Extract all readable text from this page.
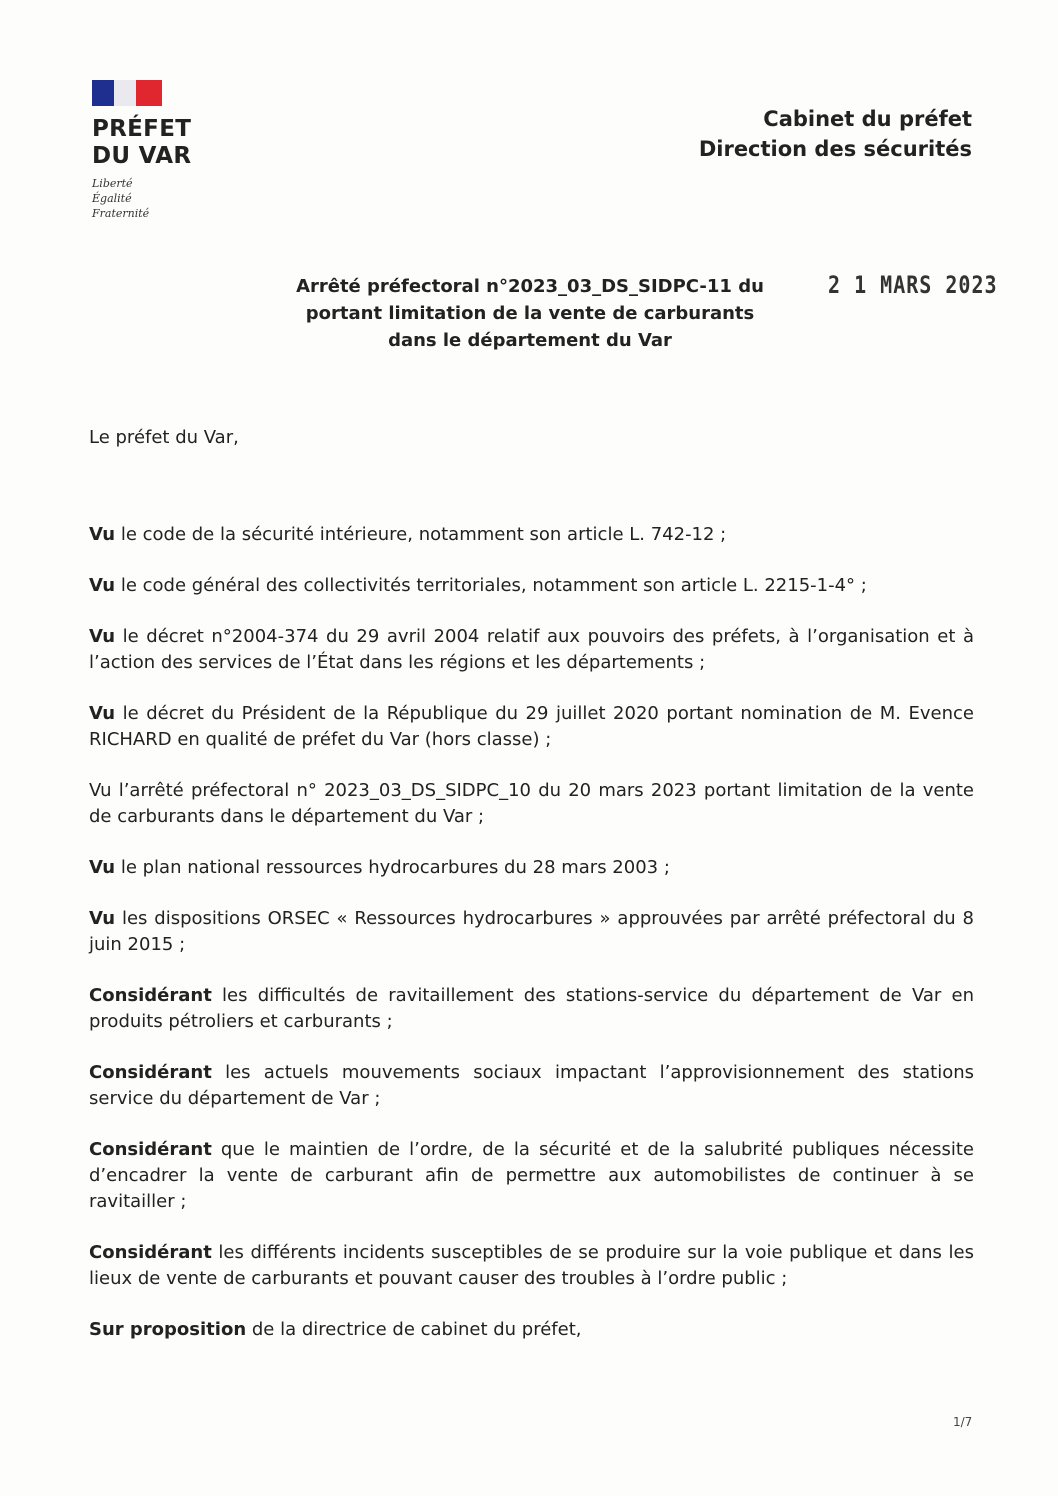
PRÉFET
DU VAR
Liberté
Égalité
Fraternité
Cabinet du préfet
Direction des sécurités
Arrêté préfectoral n°2023_03_DS_SIDPC-11 du
portant limitation de la vente de carburants
dans le département du Var
2 1 MARS 2023
Le préfet du Var,

Vu le code de la sécurité intérieure, notamment son article L. 742-12 ;

Vu le code général des collectivités territoriales, notamment son article L. 2215-1-4° ;

Vu le décret n°2004-374 du 29 avril 2004 relatif aux pouvoirs des préfets, à l’organisation et à l’action des services de l’État dans les régions et les départements ;

Vu le décret du Président de la République du 29 juillet 2020 portant nomination de M. Evence RICHARD en qualité de préfet du Var (hors classe) ;

Vu l’arrêté préfectoral n° 2023_03_DS_SIDPC_10 du 20 mars 2023 portant limitation de la vente de carburants dans le département du Var ;

Vu le plan national ressources hydrocarbures du 28 mars 2003 ;

Vu les dispositions ORSEC « Ressources hydrocarbures » approuvées par arrêté préfectoral du 8 juin 2015 ;

Considérant les difficultés de ravitaillement des stations-service du département de Var en produits pétroliers et carburants ;

Considérant les actuels mouvements sociaux impactant l’approvisionnement des stations service du département de Var ;

Considérant que le maintien de l’ordre, de la sécurité et de la salubrité publiques nécessite d’encadrer la vente de carburant afin de permettre aux automobilistes de continuer à se ravitailler ;

Considérant les différents incidents susceptibles de se produire sur la voie publique et dans les lieux de vente de carburants et pouvant causer des troubles à l’ordre public ;

Sur proposition de la directrice de cabinet du préfet,

1/7
